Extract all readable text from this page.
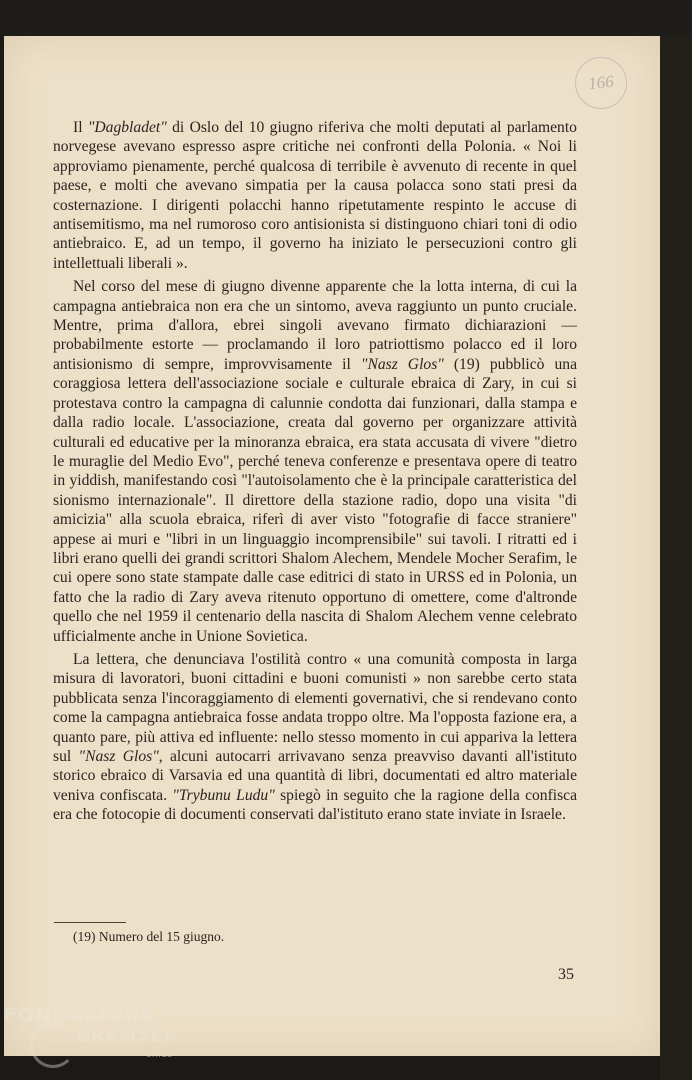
166

Il "Dagbladet" di Oslo del 10 giugno riferiva che molti deputati al parlamento norvegese avevano espresso aspre critiche nei confronti della Polonia. « Noi li approviamo pienamente, perché qualcosa di terribile è avvenuto di recente in quel paese, e molti che avevano simpatia per la causa polacca sono stati presi da costernazione. I dirigenti polacchi hanno ripetutamente respinto le accuse di antisemitismo, ma nel rumoroso coro antisionista si distinguono chiari toni di odio antiebraico. E, ad un tempo, il governo ha iniziato le persecuzioni contro gli intellettuali liberali ».

Nel corso del mese di giugno divenne apparente che la lotta interna, di cui la campagna antiebraica non era che un sintomo, aveva raggiunto un punto cruciale. Mentre, prima d'allora, ebrei singoli avevano firmato dichiarazioni — probabilmente estorte — proclamando il loro patriottismo polacco ed il loro antisionismo di sempre, improvvisamente il "Nasz Glos" (19) pubblicò una coraggiosa lettera dell'associazione sociale e culturale ebraica di Zary, in cui si protestava contro la campagna di calunnie condotta dai funzionari, dalla stampa e dalla radio locale. L'associazione, creata dal governo per organizzare attività culturali ed educative per la minoranza ebraica, era stata accusata di vivere "dietro le muraglie del Medio Evo", perché teneva conferenze e presentava opere di teatro in yiddish, manifestando così "l'autoisolamento che è la principale caratteristica del sionismo internazionale". Il direttore della stazione radio, dopo una visita "di amicizia" alla scuola ebraica, riferì di aver visto "fotografie di facce straniere" appese ai muri e "libri in un linguaggio incomprensibile" sui tavoli. I ritratti ed i libri erano quelli dei grandi scrittori Shalom Alechem, Mendele Mocher Serafim, le cui opere sono state stampate dalle case editrici di stato in URSS ed in Polonia, un fatto che la radio di Zary aveva ritenuto opportuno di omettere, come d'altronde quello che nel 1959 il centenario della nascita di Shalom Alechem venne celebrato ufficialmente anche in Unione Sovietica.

La lettera, che denunciava l'ostilità contro « una comunità composta in larga misura di lavoratori, buoni cittadini e buoni comunisti » non sarebbe certo stata pubblicata senza l'incoraggiamento di elementi governativi, che si rendevano conto come la campagna antiebraica fosse andata troppo oltre. Ma l'opposta fazione era, a quanto pare, più attiva ed influente: nello stesso momento in cui appariva la lettera sul "Nasz Glos", alcuni autocarri arrivavano senza preavviso davanti all'istituto storico ebraico di Varsavia ed una quantità di libri, documentati ed altro materiale veniva confiscata. "Trybunu Ludu" spiegò in seguito che la ragione della confisca era che fotocopie di documenti conservati dal'istituto erano state inviate in Israele.

(19) Numero del 15 giugno.
35
FONDAZIONE
GRAMSCI
onlus
